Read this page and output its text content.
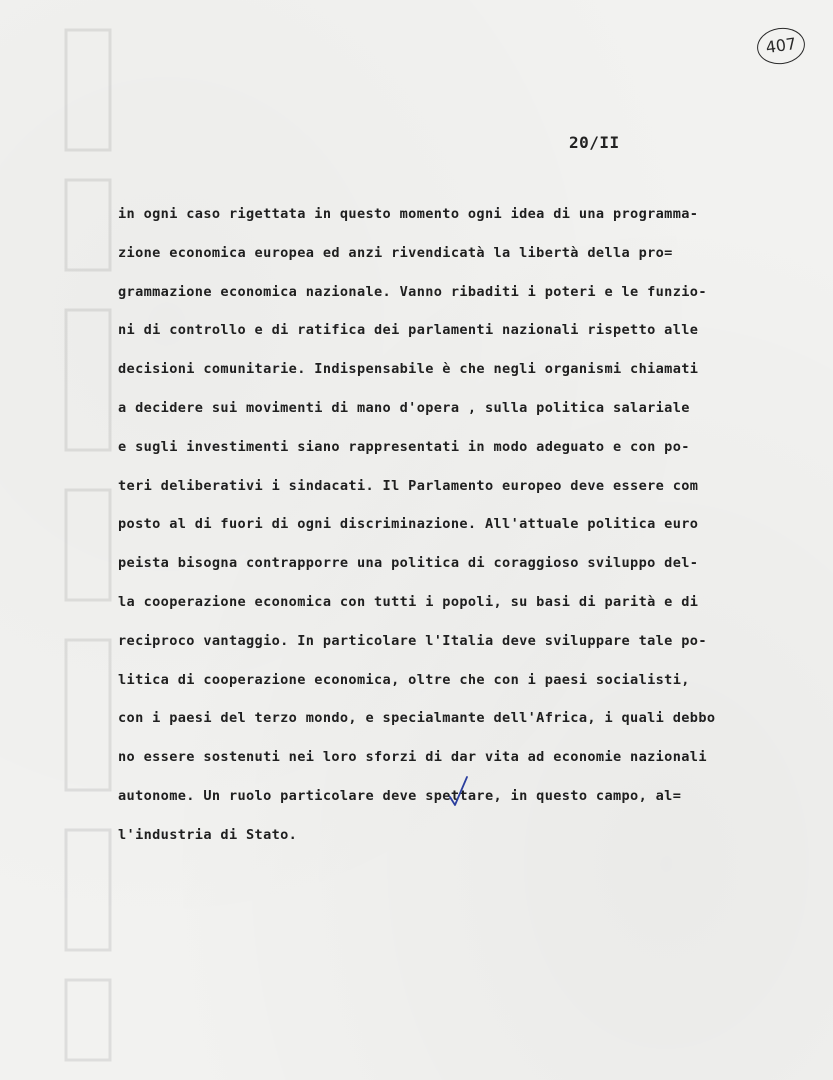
407
20/II
in ogni caso rigettata in questo momento ogni idea di una programma-
zione economica europea ed anzi rivendicatà la libertà della pro=
grammazione economica nazionale. Vanno ribaditi i poteri e le funzio-
ni di controllo e di ratifica dei parlamenti nazionali rispetto alle
decisioni comunitarie. Indispensabile è che negli organismi chiamati
a decidere sui movimenti di mano d'opera , sulla politica salariale
e sugli investimenti siano rappresentati in modo adeguato e con po-
teri deliberativi i sindacati. Il Parlamento europeo deve essere com
posto al di fuori di ogni discriminazione. All'attuale politica euro
peista bisogna contrapporre una politica di coraggioso sviluppo del-
la cooperazione economica con tutti i popoli, su basi di parità e di
reciproco vantaggio. In particolare l'Italia deve sviluppare tale po-
litica di cooperazione economica, oltre che con i paesi socialisti,
con i paesi del terzo mondo, e specialmante dell'Africa, i quali debbo
no essere sostenuti nei loro sforzi di dar vita ad economie nazionali
autonome. Un ruolo particolare deve spettare, in questo campo, al=
l'industria di Stato.
